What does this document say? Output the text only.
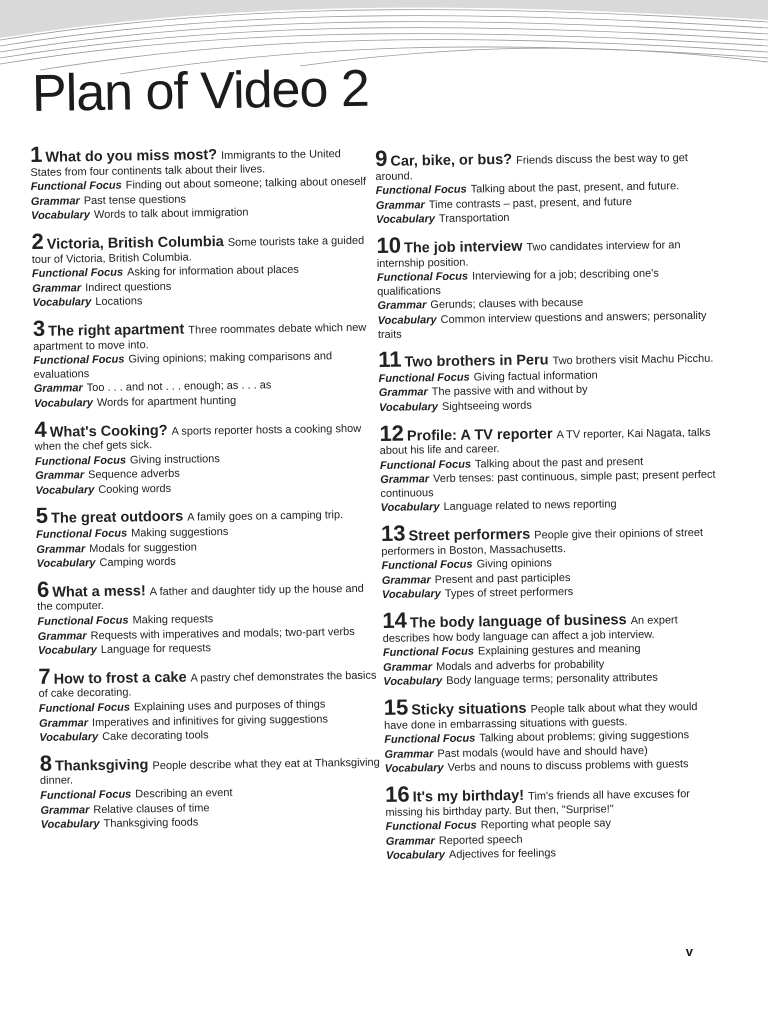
Plan of Video 2
1 What do you miss most? Immigrants to the United States from four continents talk about their lives.
Functional Focus Finding out about someone; talking about oneself
Grammar Past tense questions
Vocabulary Words to talk about immigration
2 Victoria, British Columbia Some tourists take a guided tour of Victoria, British Columbia.
Functional Focus Asking for information about places
Grammar Indirect questions
Vocabulary Locations
3 The right apartment Three roommates debate which new apartment to move into.
Functional Focus Giving opinions; making comparisons and evaluations
Grammar Too . . . and not . . . enough; as . . . as
Vocabulary Words for apartment hunting
4 What's Cooking? A sports reporter hosts a cooking show when the chef gets sick.
Functional Focus Giving instructions
Grammar Sequence adverbs
Vocabulary Cooking words
5 The great outdoors A family goes on a camping trip.
Functional Focus Making suggestions
Grammar Modals for suggestion
Vocabulary Camping words
6 What a mess! A father and daughter tidy up the house and the computer.
Functional Focus Making requests
Grammar Requests with imperatives and modals; two-part verbs
Vocabulary Language for requests
7 How to frost a cake A pastry chef demonstrates the basics of cake decorating.
Functional Focus Explaining uses and purposes of things
Grammar Imperatives and infinitives for giving suggestions
Vocabulary Cake decorating tools
8 Thanksgiving People describe what they eat at Thanksgiving dinner.
Functional Focus Describing an event
Grammar Relative clauses of time
Vocabulary Thanksgiving foods
9 Car, bike, or bus? Friends discuss the best way to get around.
Functional Focus Talking about the past, present, and future.
Grammar Time contrasts – past, present, and future
Vocabulary Transportation
10 The job interview Two candidates interview for an internship position.
Functional Focus Interviewing for a job; describing one's qualifications
Grammar Gerunds; clauses with because
Vocabulary Common interview questions and answers; personality traits
11 Two brothers in Peru Two brothers visit Machu Picchu.
Functional Focus Giving factual information
Grammar The passive with and without by
Vocabulary Sightseeing words
12 Profile: A TV reporter A TV reporter, Kai Nagata, talks about his life and career.
Functional Focus Talking about the past and present
Grammar Verb tenses: past continuous, simple past; present perfect continuous
Vocabulary Language related to news reporting
13 Street performers People give their opinions of street performers in Boston, Massachusetts.
Functional Focus Giving opinions
Grammar Present and past participles
Vocabulary Types of street performers
14 The body language of business An expert describes how body language can affect a job interview.
Functional Focus Explaining gestures and meaning
Grammar Modals and adverbs for probability
Vocabulary Body language terms; personality attributes
15 Sticky situations People talk about what they would have done in embarrassing situations with guests.
Functional Focus Talking about problems; giving suggestions
Grammar Past modals (would have and should have)
Vocabulary Verbs and nouns to discuss problems with guests
16 It's my birthday! Tim's friends all have excuses for missing his birthday party. But then, "Surprise!"
Functional Focus Reporting what people say
Grammar Reported speech
Vocabulary Adjectives for feelings
v
